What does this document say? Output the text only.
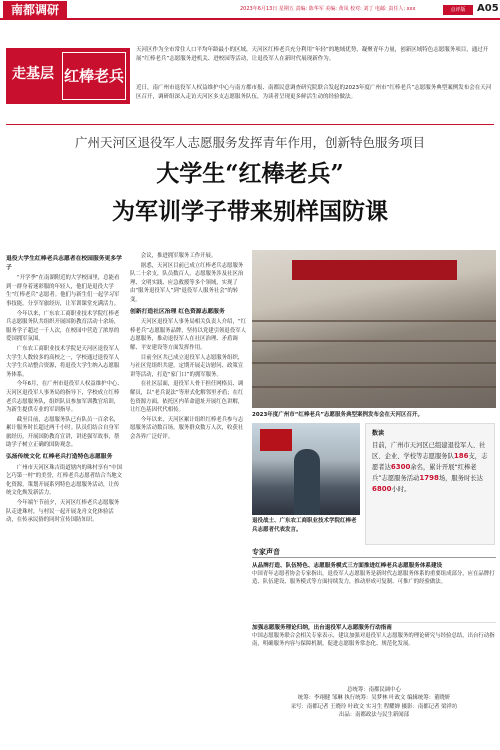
南都调研	2023年6月13日 星期五 责编: 陈华军 美编: 黄凤 校对: 刘丁 电邮: 责任人: xxx	点评版	A05
走基层 红棒老兵

天河区作为全市常住人口平均年龄最小的区域，天河区红棒老兵充分利用“年轻”的地域优势，凝聚青年力量，创新区域特色志愿服务项目，通过开展“红棒老兵”志愿服务进机关、进校园等活动，让退役军人在新时代展现新作为。

近日，南广州市退役军人权益维护中心与南方都市报、南都民意调查研究院联合发起的2023年度广州市“红棒老兵”志愿服务典型案例发布会在天河区召开，调研组深入走访天河区多支志愿服务队伍，为读者呈现更多鲜活生动的经验做法。

广州天河区退役军人志愿服务发挥青年作用，创新特色服务项目
大学生“红棒老兵”
为军训学子带来别样国防课
退役大学生红棒老兵志愿者在校园服务更多学子

“开学季”在南湖附近的大学校园里，总能看到一群身着迷彩服的年轻人，他们是退役大学生“红棒老兵”志愿者。他们与新生们一起学习军事技能，分享军旅经历，让军训课堂充满活力。

今年以来，广东农工商职业技术学院红棒老兵志愿服务队共组织开展国防教育活动十余场，服务学子超过一千人次，在校园中营造了浓厚的爱国拥军氛围。

广东农工商职业技术学院是天河区退役军人大学生人数较多的高校之一，学校通过退役军人大学生兵站整合资源，将退役大学生纳入志愿服务体系。

今年6月，在广州市退役军人权益维护中心、天河区退役军人事务局的指导下，学校成立红棒老兵志愿服务队，组织队员参加军训教官培训，为新生提供专业的军训指导。

截至目前，志愿服务队已有队员一百余名，累计服务时长超过两千小时。队员们结合自身军旅经历，开展国防教育宣讲，讲述强军故事，帮助学子树立正确的国防观念。

弘扬传统文化 红棒老兵打造特色志愿服务

广州市天河区珠吉街道辖内的珠村享有“中国乞巧第一村”的美誉，红棒老兵志愿者结合当地文化资源，策划开展系列特色志愿服务活动，让传统文化焕发新活力。

今年端午节前夕，天河区红棒老兵志愿服务队走进珠村，与村民一起开展龙舟文化体验活动，在传承民俗的同时宣传国防知识。

会议，推进拥军服务工作开展。

据悉，天河区目前已成立红棒老兵志愿服务队二十余支，队员数百人，志愿服务涉及社区治理、文明实践、应急救援等多个领域，实现了由“服务退役军人”到“退役军人服务社会”的转变。

创新打造社区治理 红色资源志愿服务

天河区退役军人事务局相关负责人介绍，“红棒老兵”志愿服务品牌，坚持以党建引领退役军人志愿服务，推动退役军人在社区治理、矛盾调解、平安建设等方面发挥作用。

目前全区共已成立退役军人志愿服务组织，与社区党组织共建，定期开展走访慰问、政策宣讲等活动，打造“家门口”的拥军服务。

在社区层面，退役军人骨干担任网格员、调解员，以“老兵说法”等形式化解邻里矛盾；在红色资源方面，依托区内革命遗址开展红色讲解，让红色基因代代相传。

今年以来，天河区累计组织红棒老兵参与志愿服务活动数百场，服务群众数万人次，收获社会各界广泛好评。

2023年度广州市“红棒老兵”志愿服务典型案例发布会在天河区召开。
退役战士、广东农工商职业技术学院红棒老兵志愿者代表发言。
数读
目前，广州市天河区已组建退役军人、社区、企业、学校等志愿服务队186支，志愿者达6300余名，累计开展“红棒老兵”志愿服务活动1798场，服务时长达6800小时。
专家声音
从品牌打造、队伍特色、志愿服务模式三方面推进红棒老兵志愿服务体系建设
中国青年志愿者协会专家指出，退役军人志愿服务是新时代志愿服务体系的重要组成部分，应在品牌打造、队伍建设、服务模式等方面持续发力，推动形成可复制、可推广的经验做法。
加强志愿服务理论归纳，出台退役军人志愿服务行动指南
中国志愿服务联合会相关专家表示，建议加强对退役军人志愿服务的理论研究与经验总结，出台行动指南，明确服务内容与保障机制，促进志愿服务常态化、规范化发展。
总统筹：南都民调中心
统筹：李翊健 邹琳 执行统筹：吴梦林 叶政文 编辑统筹：董晓妍
采写：南都记者 王晓玲 叶政文 实习生 程耀婵 摄影：南都记者 梁祥坊
出品：南都政法与民生新闻部
